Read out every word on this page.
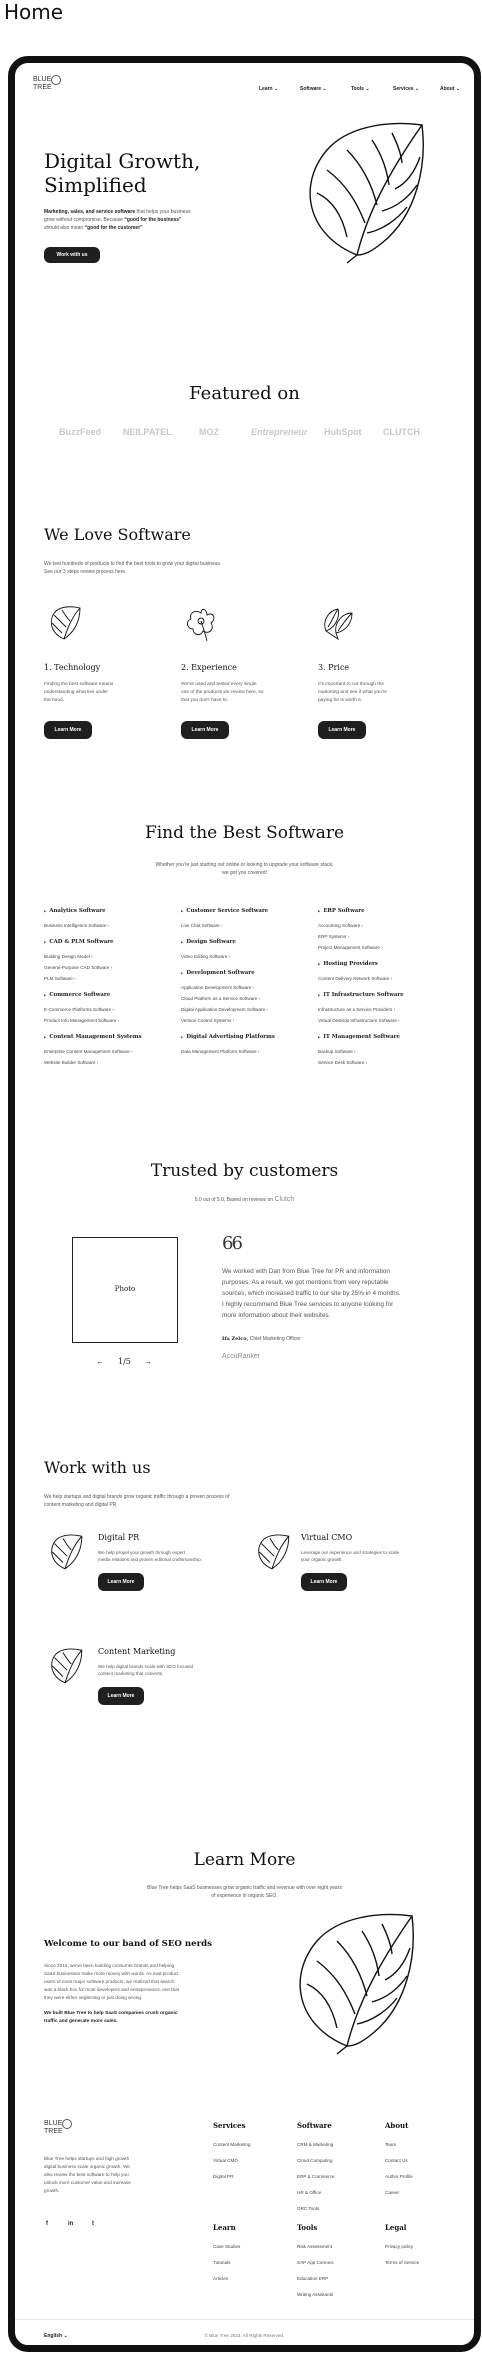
Home
BLUE
TREE	Learn ⌄	Software ⌄	Tools ⌄	Services ⌄	About ⌄
Digital Growth,
Simplified
Marketing, sales, and service software that helps your business grow without compromise. Because “good for the business” should also mean “good for the customer”
Work with us
Featured on
BuzzFeed NEILPATEL	MOZ	Entrepreneur HubSpot CLUTCH
We Love Software
We test hundreds of products to find the best tools to grow your digital business.
See our 3 steps review process here.
1. Technology
Finding the best software means
understanding what lies under
the hood.
Learn More
2. Experience
We've used and tested every single
one of the products we review here, so
that you don't have to.
Learn More
3. Price
It's important to cut through the
marketing and see if what you're
paying for is worth it.
Learn More
Find the Best Software
Whether you're just starting out online or looking to upgrade your software stack,
we got you covered!
▶ Analytics Software
Business Intelligence Software ›
▶ CAD & PLM Software
Building Design Model ›
General-Purpose CAD Software ›
PLM Software ›
▶ Commerce Software
E-Commerce Platforms Software ›
Product Info Management Software ›
▶ Content Management Systems
Enterprise Content Management Software ›
Website Builder Software ›
▶ Customer Service Software
Live Chat Software ›
▶ Design Software
Video Editing Software ›
▶ Development Software
Application Development Software ›
Cloud Platform as a Service Software ›
Digital Application Development Software ›
Version Control Systems ›
▶ Digital Advertising Platforms
Data Management Platform Software ›
▶ ERP Software
Accounting Software ›
ERP Systems ›
Project Management Software ›
▶ Hosting Providers
Content Delivery Network Software ›
▶ IT Infrastructure Software
Infrastructure as a Service Providers ›
Virtual Desktop Infrastructure Software ›
▶ IT Management Software
Backup Software ›
Service Desk Software ›
Trusted by customers
5.0 out of 5.0. Based on reviews on Clutch
Photo
← 1/5 →
66
We worked with Dan from Blue Tree for PR and information
purposes. As a result, we got mentions from very reputable
sources, which increased traffic to our site by 25% in 4 months.
I highly recommend Blue Tree services to anyone looking for
more information about their websites.
Ifa Zelco, Chief Marketing Officer
AccuRanker
Work with us
We help startups and digital brands grow organic traffic through a proven process of
content marketing and digital PR.
Digital PR
We help propel your growth through expert
media relations and proven editorial craftsmanship.
Learn More
Virtual CMO
Leverage our experience and strategies to scale
your organic growth.
Learn More
Content Marketing
We help digital brands scale with SEO focused
content marketing that converts.
Learn More
Learn More
Blue Tree helps SaaS businesses grow organic traffic and revenue with over eight years
of experience in organic SEO.
Welcome to our band of SEO nerds
Since 2016, we've been building consumer brands and helping
SaaS businesses make more money with words. As avid product
users of most major software products, we realized that search
was a black box for most developers and entrepreneurs; one that
they were either neglecting or just doing wrong.
We built Blue Tree to help SaaS companies crush organic
traffic and generate more sales.
BLUE
TREE
Blue Tree helps startups and high growth
digital business scale organic growth. We
also review the best software to help you
unlock more customer value and increase
growth.
f	in	t
Services
Content Marketing
Virtual CMO
Digital PR
Software
CRM & Marketing
Cloud Computing
ERP & Commerce
HR & Office
GRC Tools
About
Team
Contact Us
Author Profile
Career
Learn
Case Studies
Tutorials
Articles
Tools
Risk Assessment
SAP App Connect
Education ERP
Writing Assistants
Legal
Privacy policy
Terms of Service
English ⌄	© Blue Tree 2023. All Rights Reserved.
